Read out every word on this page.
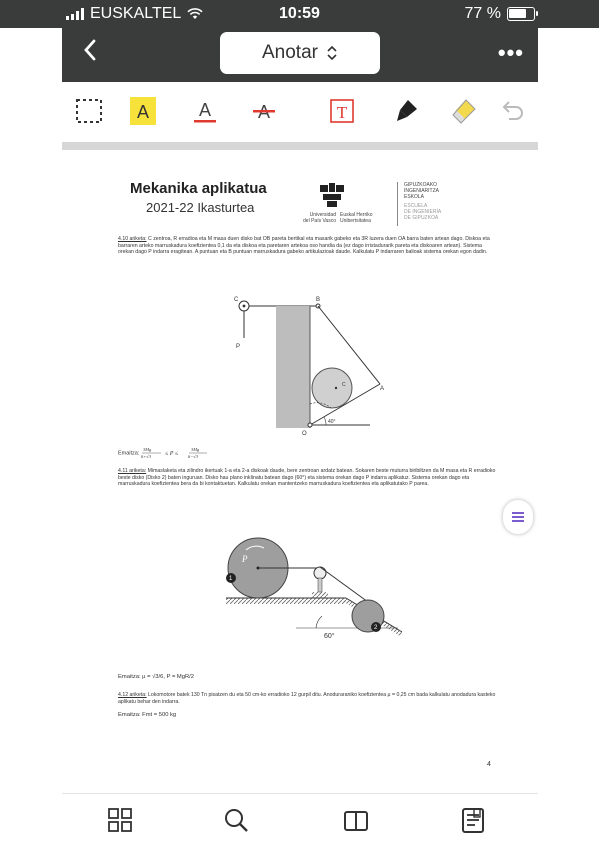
EUSKALTEL	10:59	77 %
Anotar	•••
A	A	T
Mekanika aplikatua
2021-22 Ikasturtea	Universidad
del País Vasco
Euskal Herriko
Unibertsitatea
GIPUZKOAKO
INGENIARITZA
ESKOLA
ESCUELA
DE INGENIERÍA
DE GIPUZKOA
4.10 ariketa: C zentroa, R erradioa eta M masa duen disko bat OB pareta bertikal eta masarik gabeko eta 3R luzera duen OA barra baten artean dago. Diskoa eta barraren arteko marruskadura koefizientea 0,1 da eta diskoa eta paretaren artekoa oso handia da (ez dago irristadurarik pareta eta diskoaren artean). Sistema orekan dago P indarra eragitean. A puntuan eta B puntuan marruskadura gabeko artikulazioak daude. Kalkulatu P indarraren balioak sistema orekan egon dadin.
C	B
P
A
O
C
40°
Emaitza:
3Mg
6+√3 ≤ P ≤
3Mg
6−√3
4.11 ariketa: Mimaslaketa eta zilindro ikertuak 1-a eta 2-a diskoak daude, bere zentroan ardatz batean. Sokaren beste muturra biribiltzen da M masa eta R erradioko beste disko (Disko 2) baten inguruan. Disko hau plano inklinatu batean dago (60°) eta sistema orekan dago P indarra aplikatuz. Sistema orekan dago eta marruskadura koefizientea bera da bi kontaktuetan. Kalkulatu orekan mantentzeko marruskadura koefizientea eta aplikatutako P parea.
P
1
2
60°
Emaitza: μ = √3/6, P = MgR/2
4.12 ariketa: Lokomotore batek 130 Tn pisatzen du eta 50 cm-ko erradioko 12 gurpil ditu. Anoduraraniko koefizientea μ = 0,25 cm bada kalkulatu anodadura kasteko aplikatu behar den indarra.
Emaitza: Fmt = 500 kg
4
